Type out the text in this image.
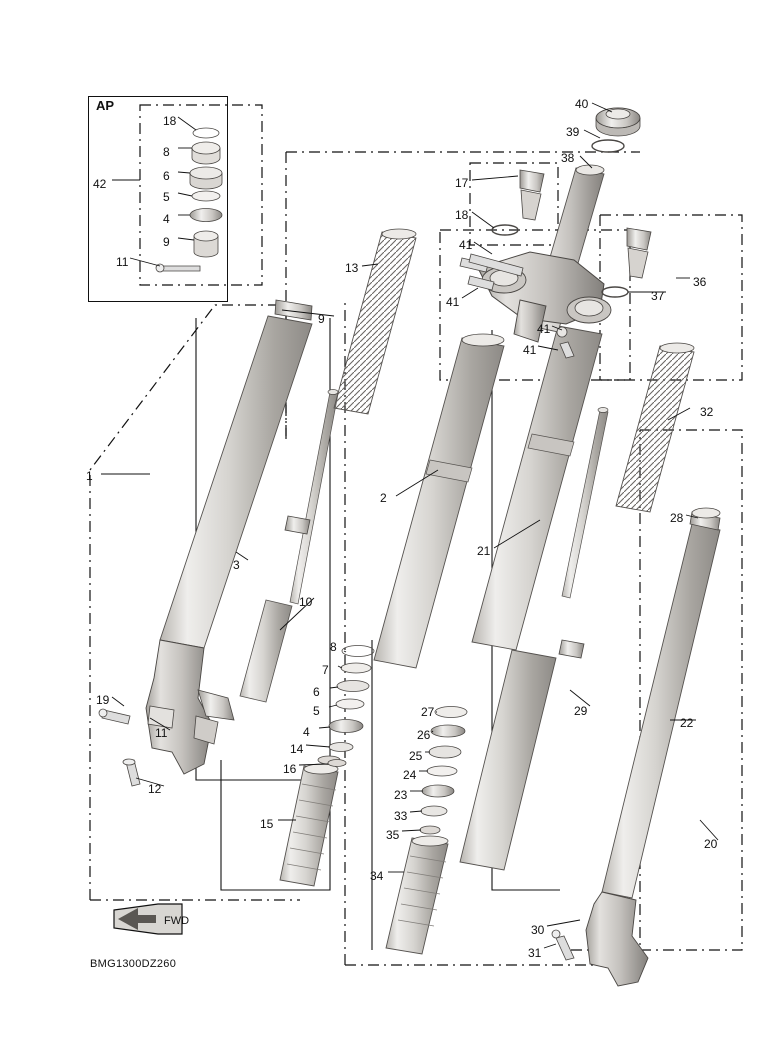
AP
FWD
BMG1300DZ260
18
8
6
5
4
9
11
42
40
39
38
17
18
41
41
41
41
36
37
13
9
32
1
3
2
21
28
10
29
22
20
19
11
12
8
7
6
5
4
14
16
15
27
26
25
24
23
33
35
34
30
31
